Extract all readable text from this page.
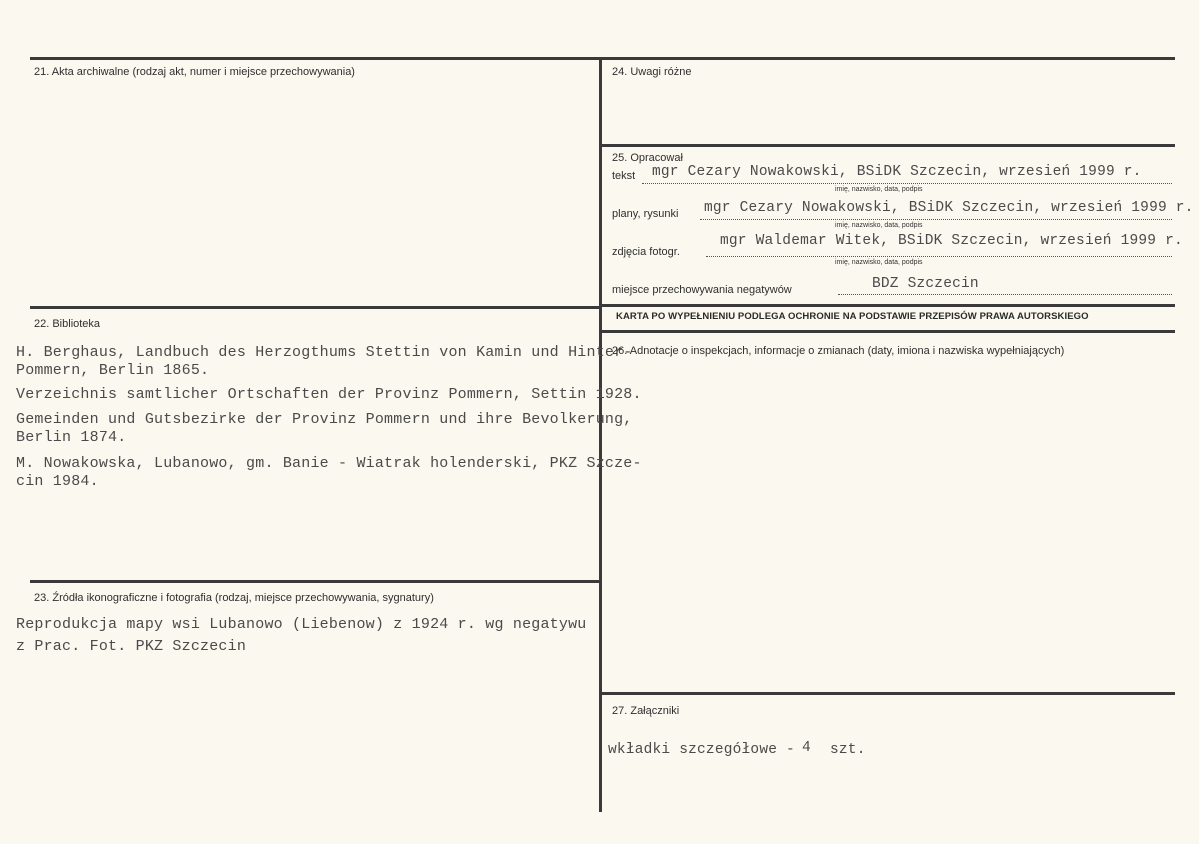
21. Akta archiwalne (rodzaj akt, numer i miejsce przechowywania)
22. Biblioteka
H. Berghaus, Landbuch des Herzogthums Stettin von Kamin und Hinter-
Pommern, Berlin 1865.
Verzeichnis samtlicher Ortschaften der Provinz Pommern, Settin 1928.
Gemeinden und Gutsbezirke der Provinz Pommern und ihre Bevolkerung,
Berlin 1874.
M. Nowakowska, Lubanowo, gm. Banie - Wiatrak holenderski, PKZ Szcze-
cin 1984.
23. Źródła ikonograficzne i fotografia (rodzaj, miejsce przechowywania, sygnatury)
Reprodukcja mapy wsi Lubanowo (Liebenow) z 1924 r. wg negatywu
z Prac. Fot. PKZ Szczecin
24. Uwagi różne
25. Opracował
tekst mgr Cezary Nowakowski, BSiDK Szczecin, wrzesień 1999 r.
imię, nazwisko, data, podpis
plany, rysunki mgr Cezary Nowakowski, BSiDK Szczecin, wrzesień 1999 r.
imię, nazwisko, data, podpis
zdjęcia fotogr.
mgr Waldemar Witek, BSiDK Szczecin, wrzesień 1999 r.
imię, nazwisko, data, podpis
miejsce przechowywania negatywów	BDZ Szczecin
KARTA PO WYPEŁNIENIU PODLEGA OCHRONIE NA PODSTAWIE PRZEPISÓW PRAWA AUTORSKIEGO
26. Adnotacje o inspekcjach, informacje o zmianach (daty, imiona i nazwiska wypełniających)
27. Załączniki
wkładki szczegółowe - 4 szt.
